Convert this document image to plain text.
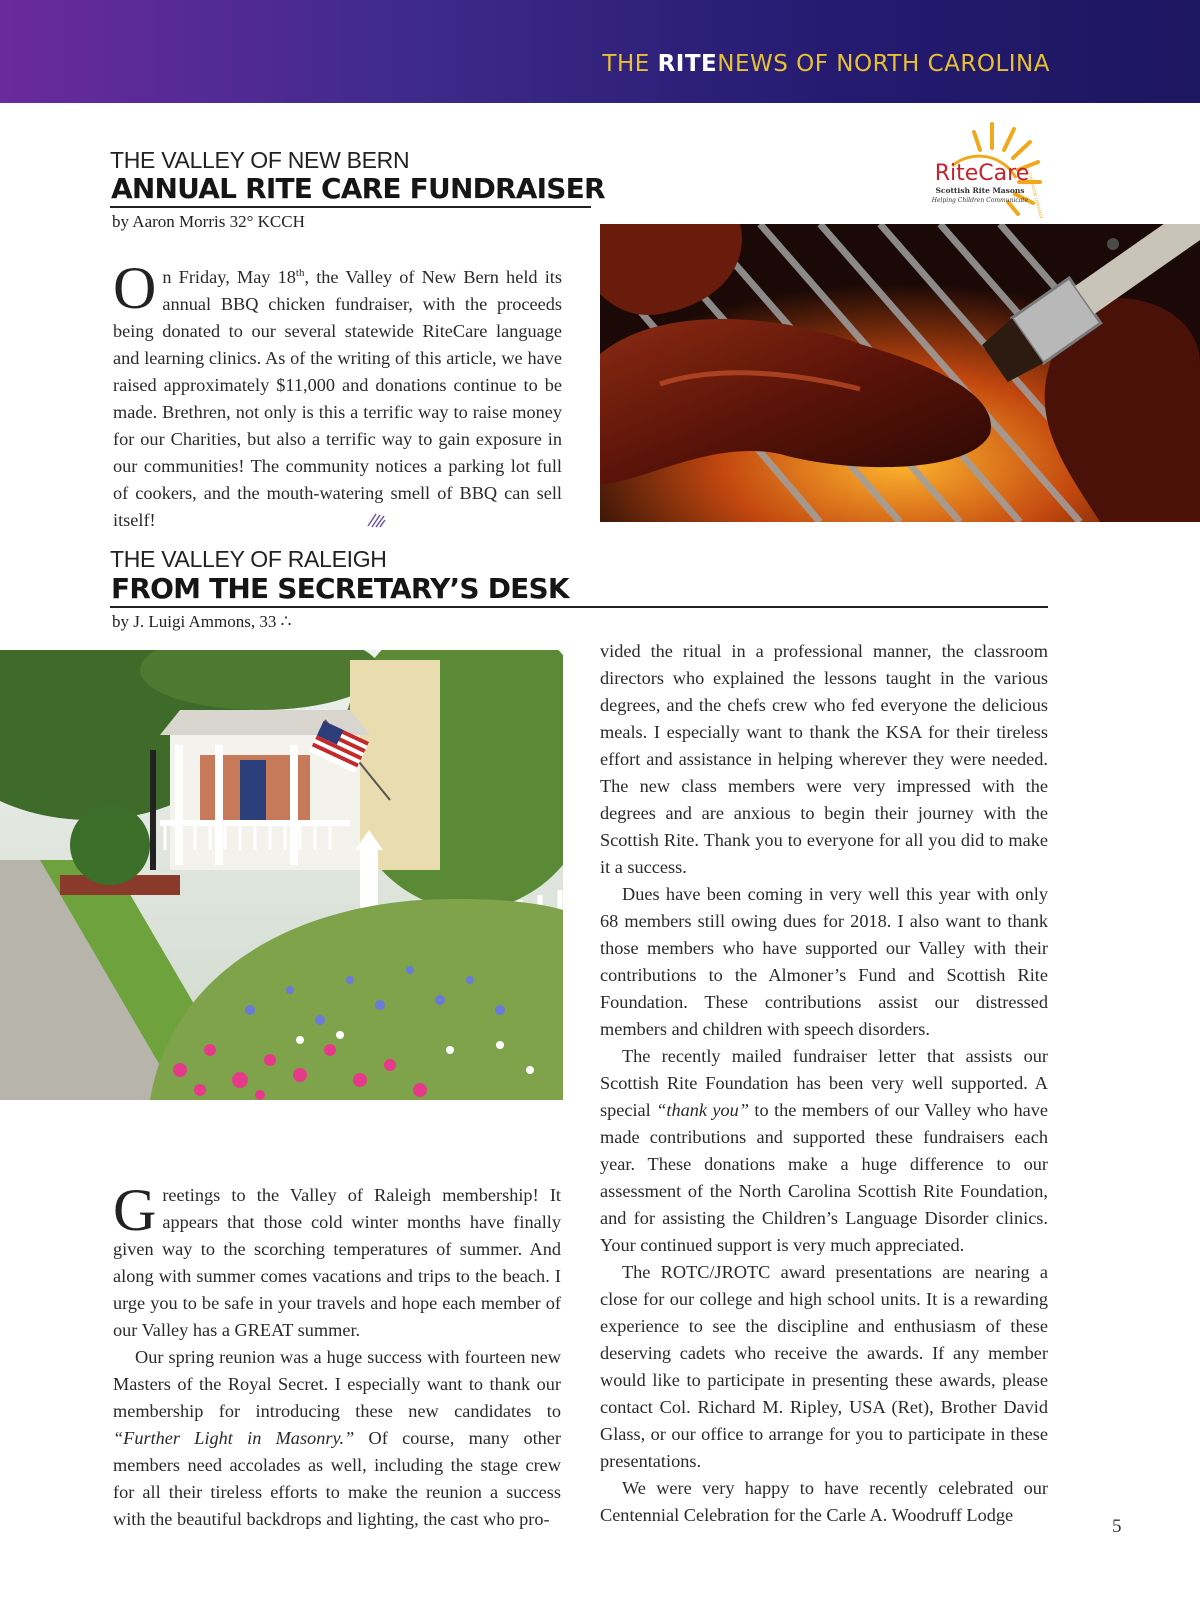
THE RITENEWS OF NORTH CAROLINA
RiteCare
Scottish Rite Masons
Helping Children Communicate
CHILDHOOD LANGUAGE
THE VALLEY OF NEW BERN
ANNUAL RITE CARE FUNDRAISER
by Aaron Morris 32° KCCH

On Friday, May 18th, the Valley of New Bern held its annual BBQ chicken fundraiser, with the proceeds being donated to our several statewide RiteCare language and learning clinics. As of the writing of this article, we have raised approximately $11,000 and donations continue to be made. Brethren, not only is this a terrific way to raise money for our Charities, but also a terrific way to gain exposure in our communities! The community notices a parking lot full of cookers, and the mouth-watering smell of BBQ can sell itself!

THE VALLEY OF RALEIGH
FROM THE SECRETARY’S DESK
by J. Luigi Ammons, 33 ∴

Greetings to the Valley of Raleigh membership! It appears that those cold winter months have finally given way to the scorching temperatures of summer. And along with summer comes vacations and trips to the beach. I urge you to be safe in your travels and hope each member of our Valley has a GREAT summer.

Our spring reunion was a huge success with fourteen new Masters of the Royal Secret. I especially want to thank our membership for introducing these new candidates to “Further Light in Masonry.” Of course, many other members need accolades as well, including the stage crew for all their tireless efforts to make the reunion a success with the beautiful backdrops and lighting, the cast who pro-

vided the ritual in a professional manner, the classroom directors who explained the lessons taught in the various degrees, and the chefs crew who fed everyone the delicious meals. I especially want to thank the KSA for their tireless effort and assistance in helping wherever they were needed. The new class members were very impressed with the degrees and are anxious to begin their journey with the Scottish Rite. Thank you to everyone for all you did to make it a success.

Dues have been coming in very well this year with only 68 members still owing dues for 2018. I also want to thank those members who have supported our Valley with their contributions to the Almoner’s Fund and Scottish Rite Foundation. These contributions assist our distressed members and children with speech disorders.

The recently mailed fundraiser letter that assists our Scottish Rite Foundation has been very well supported. A special “thank you” to the members of our Valley who have made contributions and supported these fundraisers each year. These donations make a huge difference to our assessment of the North Carolina Scottish Rite Foundation, and for assisting the Children’s Language Disorder clinics. Your continued support is very much appreciated.

The ROTC/JROTC award presentations are nearing a close for our college and high school units. It is a rewarding experience to see the discipline and enthusiasm of these deserving cadets who receive the awards. If any member would like to participate in presenting these awards, please contact Col. Richard M. Ripley, USA (Ret), Brother David Glass, or our office to arrange for you to participate in these presentations.

We were very happy to have recently celebrated our Centennial Celebration for the Carle A. Woodruff Lodge

5
